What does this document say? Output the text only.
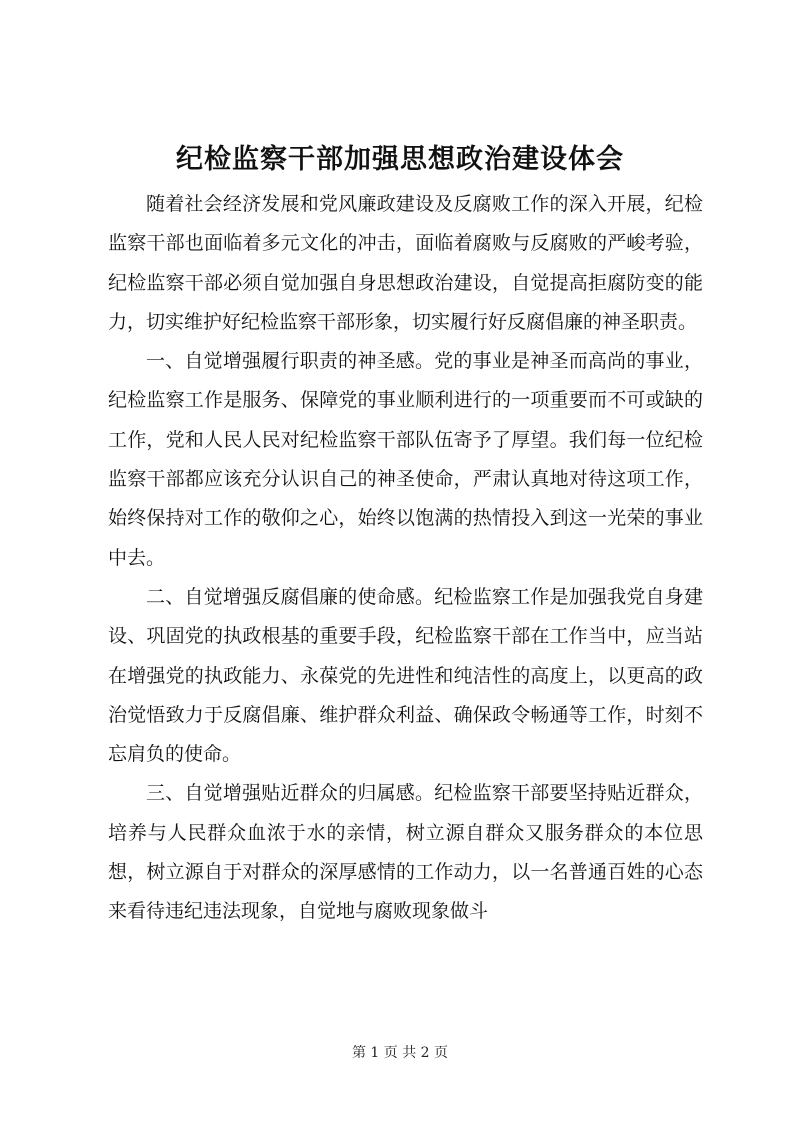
纪检监察干部加强思想政治建设体会

随着社会经济发展和党风廉政建设及反腐败工作的深入开展，纪检监察干部也面临着多元文化的冲击，面临着腐败与反腐败的严峻考验，纪检监察干部必须自觉加强自身思想政治建设，自觉提高拒腐防变的能力，切实维护好纪检监察干部形象，切实履行好反腐倡廉的神圣职责。

一、自觉增强履行职责的神圣感。党的事业是神圣而高尚的事业，纪检监察工作是服务、保障党的事业顺利进行的一项重要而不可或缺的工作，党和人民人民对纪检监察干部队伍寄予了厚望。我们每一位纪检监察干部都应该充分认识自己的神圣使命，严肃认真地对待这项工作，始终保持对工作的敬仰之心，始终以饱满的热情投入到这一光荣的事业中去。

二、自觉增强反腐倡廉的使命感。纪检监察工作是加强我党自身建设、巩固党的执政根基的重要手段，纪检监察干部在工作当中，应当站在增强党的执政能力、永葆党的先进性和纯洁性的高度上，以更高的政治觉悟致力于反腐倡廉、维护群众利益、确保政令畅通等工作，时刻不忘肩负的使命。

三、自觉增强贴近群众的归属感。纪检监察干部要坚持贴近群众，培养与人民群众血浓于水的亲情，树立源自群众又服务群众的本位思想，树立源自于对群众的深厚感情的工作动力，以一名普通百姓的心态来看待违纪违法现象，自觉地与腐败现象做斗

第 1 页 共 2 页
